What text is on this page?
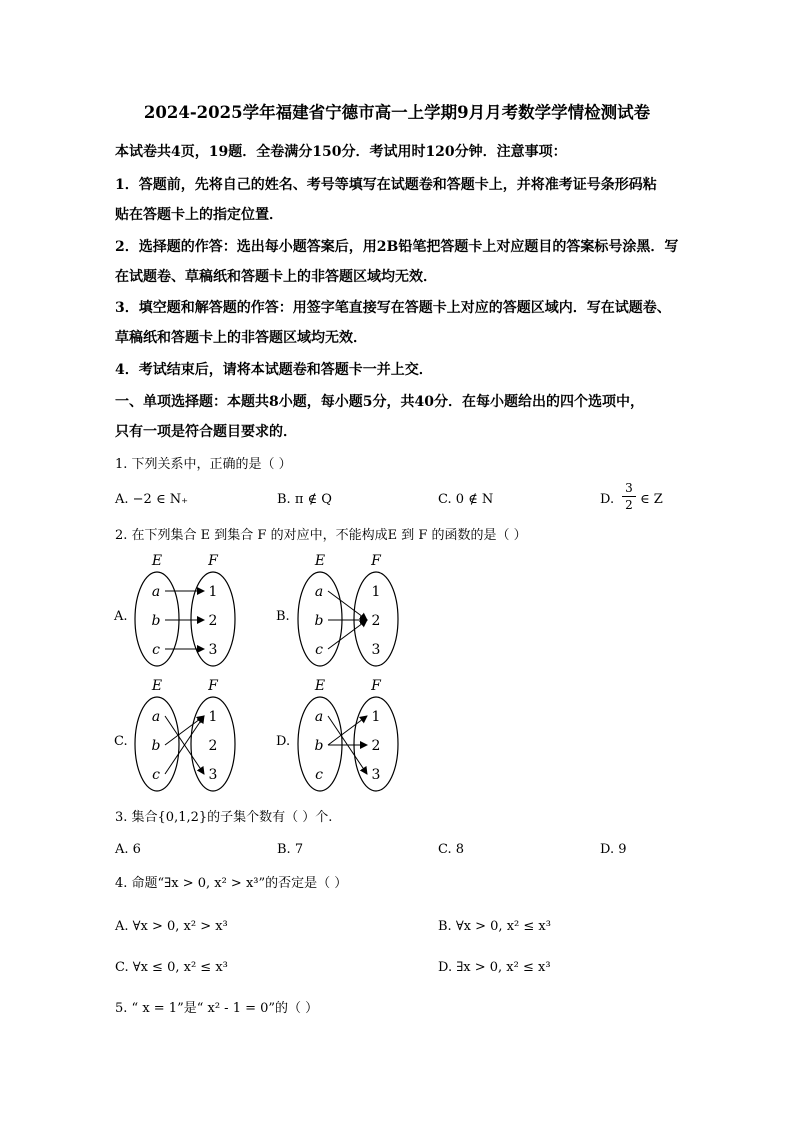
2024-2025学年福建省宁德市高一上学期9月月考数学学情检测试卷
本试卷共4页，19题．全卷满分150分．考试用时120分钟．注意事项：
1．答题前，先将自己的姓名、考号等填写在试题卷和答题卡上，并将准考证号条形码粘
贴在答题卡上的指定位置．
2．选择题的作答：选出每小题答案后，用2B铅笔把答题卡上对应题目的答案标号涂黑．写
在试题卷、草稿纸和答题卡上的非答题区域均无效．
3．填空题和解答题的作答：用签字笔直接写在答题卡上对应的答题区域内．写在试题卷、
草稿纸和答题卡上的非答题区域均无效．
4．考试结束后，请将本试题卷和答题卡一并上交．
一、单项选择题：本题共8小题，每小题5分，共40分．在每小题给出的四个选项中，
只有一项是符合题目要求的．
1. 下列关系中，正确的是（ ）
A. −2 ∈ N₊	B. π ∉ Q	C. 0 ∉ N	D.
3
2 ∈ Z
2. 在下列集合 E 到集合 F 的对应中，不能构成E 到 F 的函数的是（ ）
A.	B.
C.	D.
E	F
a
b
c
1
2
3
E	F
a
b
c
1
2
3
E	F
a
b
c
1
2
3
E	F
a
b
c
1
2
3
3. 集合{0,1,2}的子集个数有（ ）个.
A. 6	B. 7	C. 8	D. 9
4. 命题“∃x > 0, x² > x³”的否定是（ ）
A. ∀x > 0, x² > x³	B. ∀x > 0, x² ≤ x³
C. ∀x ≤ 0, x² ≤ x³	D. ∃x > 0, x² ≤ x³
5. “ x = 1”是“ x² - 1 = 0”的（ ）
